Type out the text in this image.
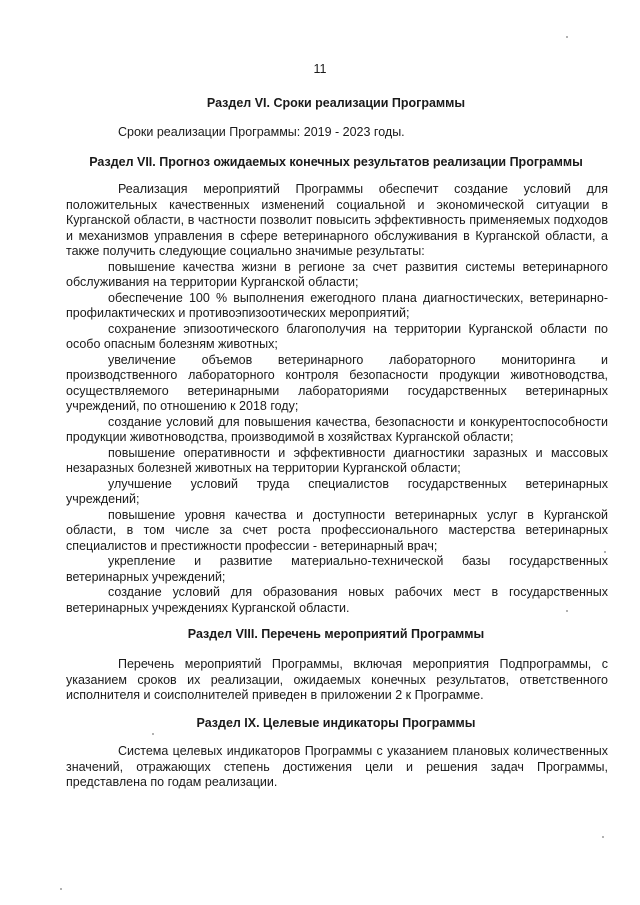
11
Раздел VI. Сроки реализации Программы
Сроки реализации Программы: 2019 - 2023 годы.
Раздел VII. Прогноз ожидаемых конечных результатов реализации Программы

Реализация мероприятий Программы обеспечит создание условий для положительных качественных изменений социальной и экономической ситуации в Курганской области, в частности позволит повысить эффективность применяемых подходов и механизмов управления в сфере ветеринарного обслуживания в Курганской области, а также получить следующие социально значимые результаты:

повышение качества жизни в регионе за счет развития системы ветеринарного обслуживания на территории Курганской области;

обеспечение 100 % выполнения ежегодного плана диагностических, ветеринарно-профилактических и противоэпизоотических мероприятий;

сохранение эпизоотического благополучия на территории Курганской области по особо опасным болезням животных;

увеличение объемов ветеринарного лабораторного мониторинга и производственного лабораторного контроля безопасности продукции животноводства, осуществляемого ветеринарными лабораториями государственных ветеринарных учреждений, по отношению к 2018 году;

создание условий для повышения качества, безопасности и конкурентоспособности продукции животноводства, производимой в хозяйствах Курганской области;

повышение оперативности и эффективности диагностики заразных и массовых незаразных болезней животных на территории Курганской области;

улучшение условий труда специалистов государственных ветеринарных учреждений;

повышение уровня качества и доступности ветеринарных услуг в Курганской области, в том числе за счет роста профессионального мастерства ветеринарных специалистов и престижности профессии - ветеринарный врач;

укрепление и развитие материально-технической базы государственных ветеринарных учреждений;

создание условий для образования новых рабочих мест в государственных ветеринарных учреждениях Курганской области.

Раздел VIII. Перечень мероприятий Программы

Перечень мероприятий Программы, включая мероприятия Подпрограммы, с указанием сроков их реализации, ожидаемых конечных результатов, ответственного исполнителя и соисполнителей приведен в приложении 2 к Программе.

Раздел IX. Целевые индикаторы Программы

Система целевых индикаторов Программы с указанием плановых количественных значений, отражающих степень достижения цели и решения задач Программы, представлена по годам реализации.
